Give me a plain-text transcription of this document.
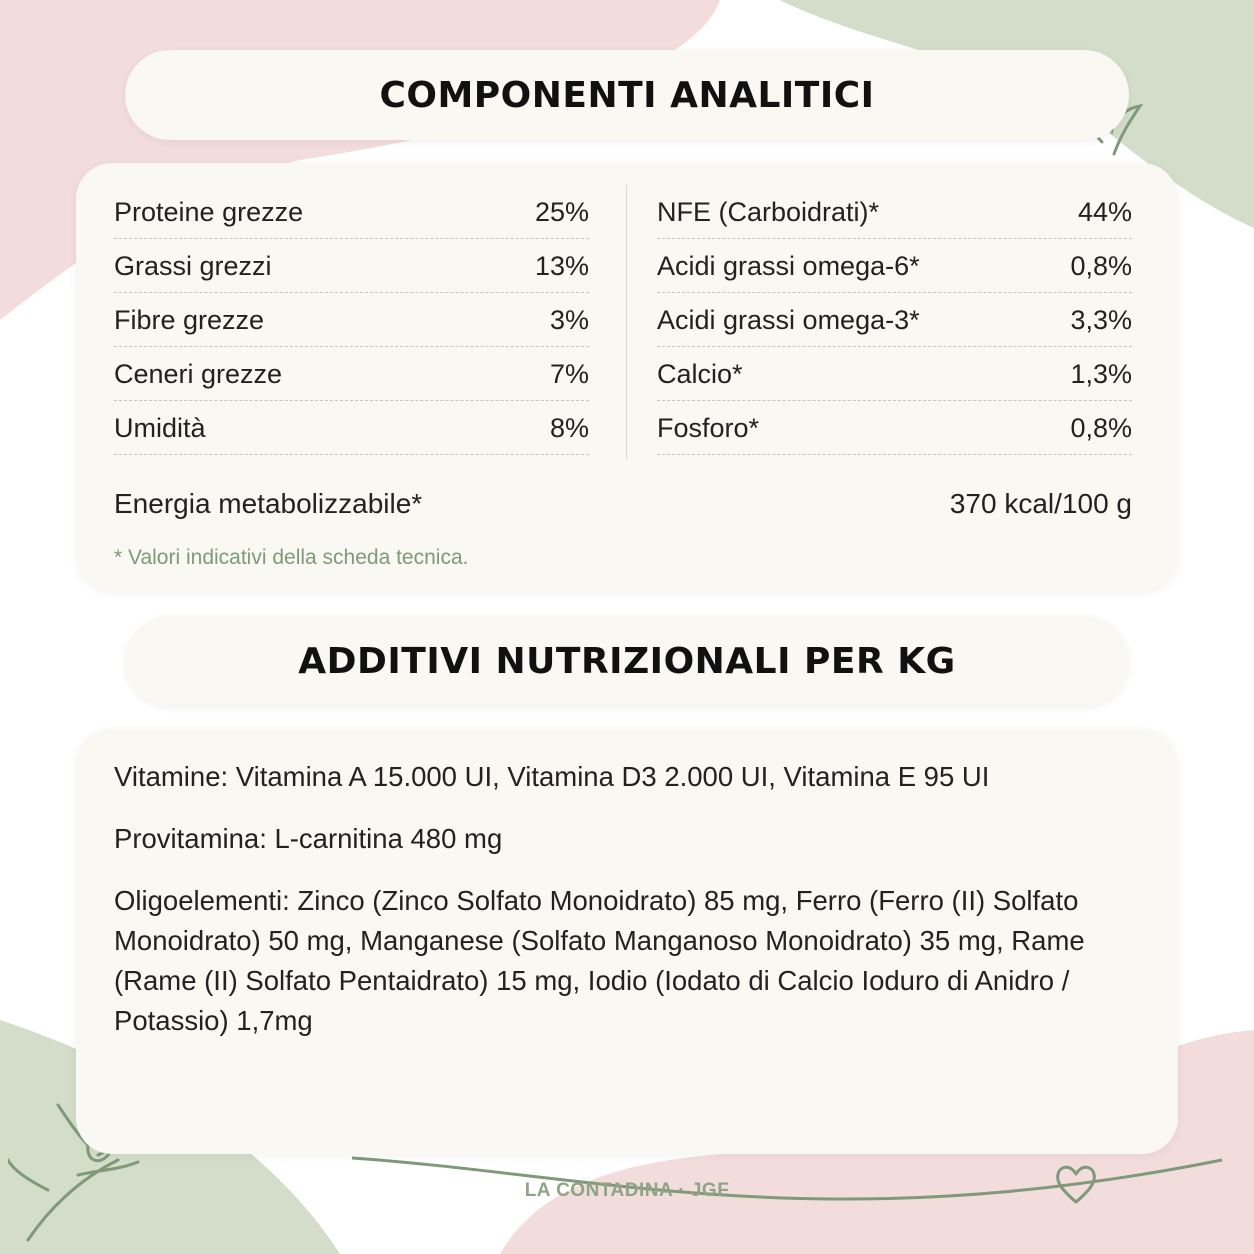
COMPONENTI ANALITICI
Proteine grezze	25%
Grassi grezzi	13%
Fibre grezze	3%
Ceneri grezze	7%
Umidità	8%
NFE (Carboidrati)*	44%
Acidi grassi omega-6*	0,8%
Acidi grassi omega-3*	3,3%
Calcio*	1,3%
Fosforo*	0,8%
Energia metabolizzabile*	370 kcal/100 g
* Valori indicativi della scheda tecnica.
ADDITIVI NUTRIZIONALI PER KG

Vitamine: Vitamina A 15.000 UI, Vitamina D3 2.000 UI, Vitamina E 95 UI

Provitamina: L-carnitina 480 mg

Oligoelementi: Zinco (Zinco Solfato Monoidrato) 85 mg, Ferro (Ferro (II) Solfato Monoidrato) 50 mg, Manganese (Solfato Manganoso Monoidrato) 35 mg, Rame (Rame (II) Solfato Pentaidrato) 15 mg, Iodio (Iodato di Calcio Ioduro di Anidro / Potassio) 1,7mg

LA CONTADINA · JGF
